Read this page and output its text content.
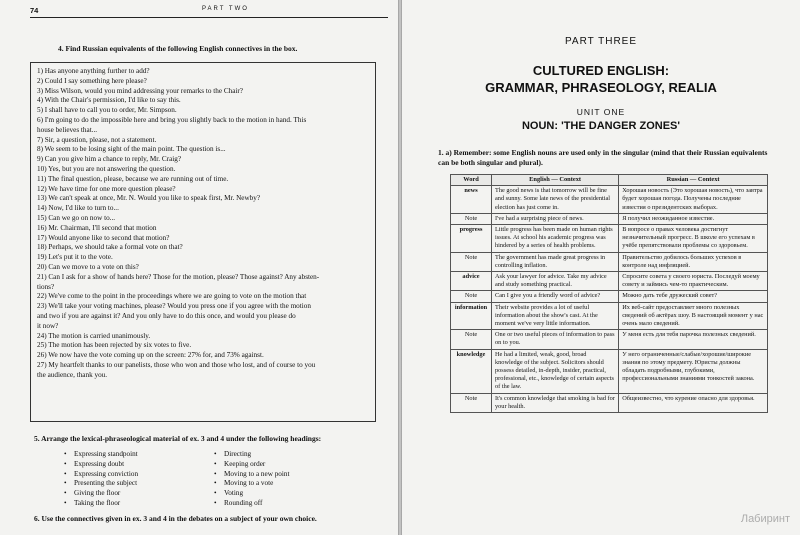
74	PART TWO
4. Find Russian equivalents of the following English connectives in the box.
1) Has anyone anything further to add?
2) Could I say something here please?
3) Miss Wilson, would you mind addressing your remarks to the Chair?
4) With the Chair's permission, I'd like to say this.
5) I shall have to call you to order, Mr. Simpson.
6) I'm going to do the impossible here and bring you slightly back to the motion in hand. This
house believes that...
7) Sir, a question, please, not a statement.
8) We seem to be losing sight of the main point. The question is...
9) Can you give him a chance to reply, Mr. Craig?
10) Yes, but you are not answering the question.
11) The final question, please, because we are running out of time.
12) We have time for one more question please?
13) We can't speak at once, Mr. N. Would you like to speak first, Mr. Newby?
14) Now, I'd like to turn to...
15) Can we go on now to...
16) Mr. Chairman, I'll second that motion
17) Would anyone like to second that motion?
18) Perhaps, we should take a formal vote on that?
19) Let's put it to the vote.
20) Can we move to a vote on this?
21) Can I ask for a show of hands here? Those for the motion, please? Those against? Any absten-
tions?
22) We've come to the point in the proceedings where we are going to vote on the motion that
23) We'll take your voting machines, please? Would you press one if you agree with the motion
and two if you are against it? And you only have to do this once, and would you please do
it now?
24) The motion is carried unanimously.
25) The motion has been rejected by six votes to five.
26) We now have the vote coming up on the screen: 27% for, and 73% against.
27) My heartfelt thanks to our panelists, those who won and those who lost, and of course to you
the audience, thank you.
5. Arrange the lexical-phraseological material of ex. 3 and 4 under the following headings:
• Expressing standpoint
• Expressing doubt
• Expressing conviction
• Presenting the subject
• Giving the floor
• Taking the floor
• Directing
• Keeping order
• Moving to a new point
• Moving to a vote
• Voting
• Rounding off
6. Use the connectives given in ex. 3 and 4 in the debates on a subject of your own choice.
PART THREE
CULTURED ENGLISH:
GRAMMAR, PHRASEOLOGY, REALIA
UNIT ONE
NOUN: 'THE DANGER ZONES'
1. a) Remember: some English nouns are used only in the singular (mind that their Russian equivalents can be both singular and plural).
Word	English — Context	Russian — Context
news	The good news is that tomorrow will be fine and sunny. Some late news of the presidential election has just come in.	Хорошая новость (Это хорошая новость), что завтра будет хорошая погода. Получены последние известия о президентских выборах.
Note	I've had a surprising piece of news.	Я получил неожиданное известие.
progress	Little progress has been made on human rights issues. At school his academic progress was hindered by a series of health problems.	В вопросе о правах человека достигнут незначительный прогресс. В школе его успехам в учёбе препятствовали проблемы со здоровьем.
Note	The government has made great progress in controlling inflation.	Правительство добилось больших успехов в контроле над инфляцией.
advice	Ask your lawyer for advice. Take my advice and study something practical.	Спросите совета у своего юриста. Последуй моему совету и займись чем-то практическим.
Note	Can I give you a friendly word of advice?	Можно дать тебе дружеский совет?
information	Their website provides a lot of useful information about the show's cast. At the moment we've very little information.	Их веб-сайт предоставляет много полезных сведений об актёрах шоу. В настоящий момент у нас очень мало сведений.
Note	One or two useful pieces of information to pass on to you.	У меня есть для тебя парочка полезных сведений.
knowledge	He had a limited, weak, good, broad knowledge of the subject. Solicitors should possess detailed, in-depth, insider, practical, professional, etc., knowledge of certain aspects of the law.	У него ограниченные/слабые/хорошие/широкие знания по этому предмету. Юристы должны обладать подробными, глубокими, профессиональными знаниями тонкостей закона.
Note	It's common knowledge that smoking is bad for your health.	Общеизвестно, что курение опасно для здоровья.
Лабиринт
